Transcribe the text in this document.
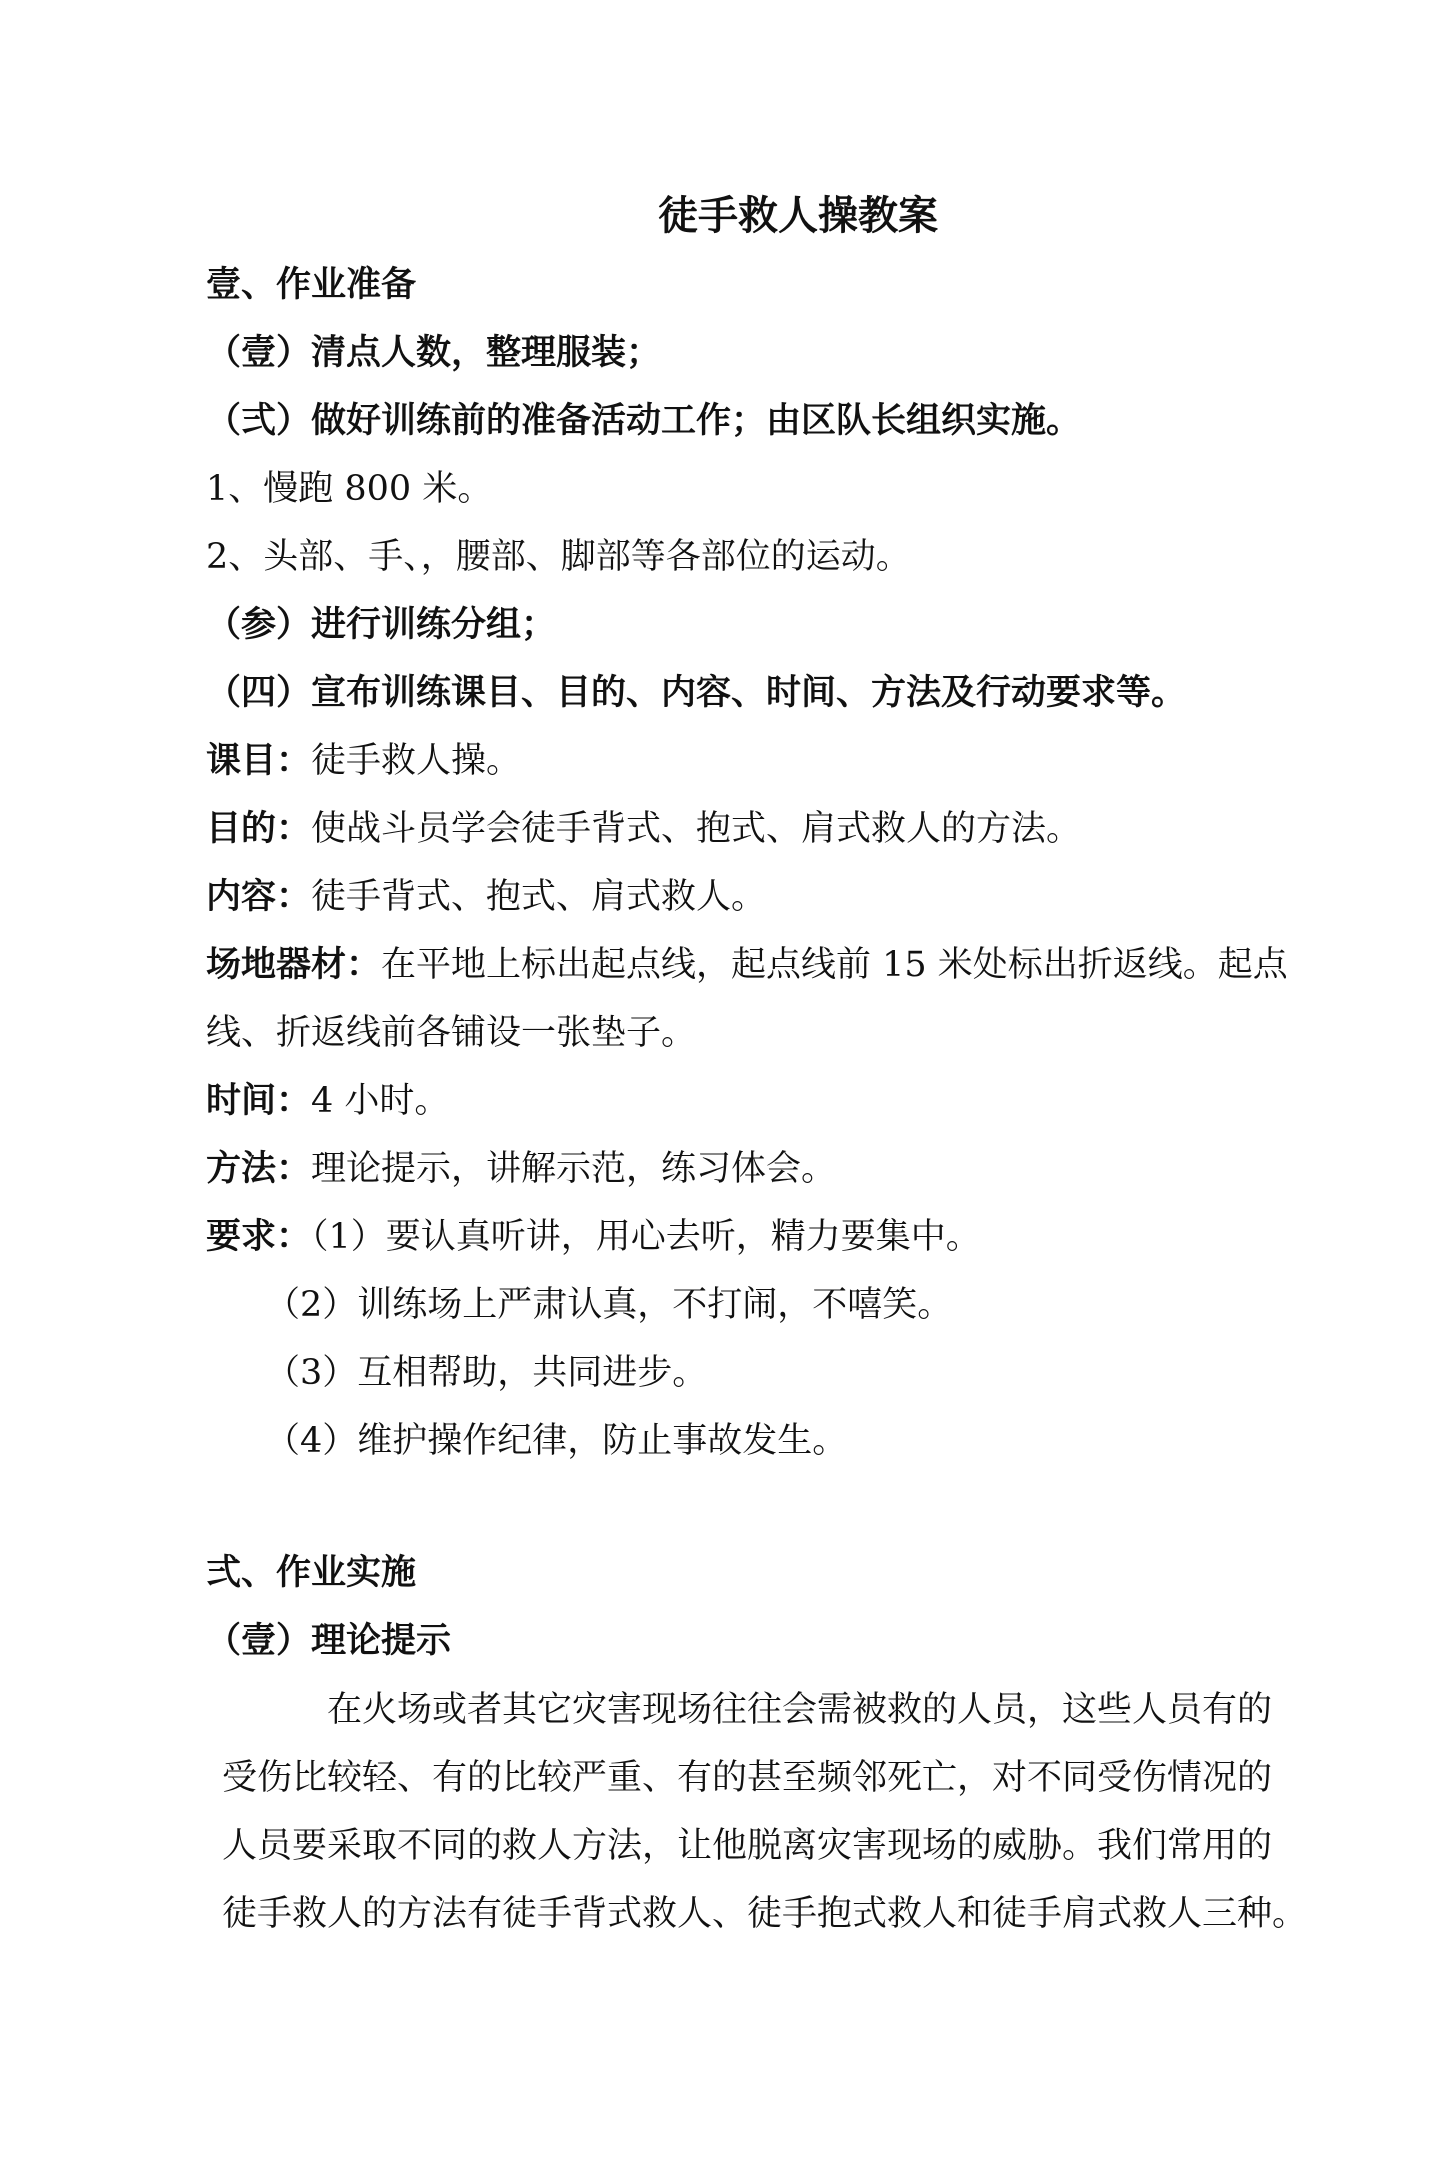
徒手救人操教案
壹、作业准备
（壹）清点人数，整理服装；
（弍）做好训练前的准备活动工作；由区队长组织实施。
1、慢跑 800 米。
2、头部、手、，腰部、脚部等各部位的运动。
（参）进行训练分组；
（四）宣布训练课目、目的、内容、时间、方法及行动要求等。
课目：徒手救人操。
目的：使战斗员学会徒手背式、抱式、肩式救人的方法。
内容：徒手背式、抱式、肩式救人。
场地器材：在平地上标出起点线，起点线前 15 米处标出折返线。起点
线、折返线前各铺设一张垫子。
时间：4 小时。
方法：理论提示，讲解示范，练习体会。
要求：（1）要认真听讲，用心去听，精力要集中。
（2）训练场上严肃认真，不打闹，不嘻笑。
（3）互相帮助，共同进步。
（4）维护操作纪律，防止事故发生。
弍、作业实施
（壹）理论提示
在火场或者其它灾害现场往往会需被救的人员，这些人员有的
受伤比较轻、有的比较严重、有的甚至频邻死亡，对不同受伤情况的
人员要采取不同的救人方法，让他脱离灾害现场的威胁。我们常用的
徒手救人的方法有徒手背式救人、徒手抱式救人和徒手肩式救人三种。
